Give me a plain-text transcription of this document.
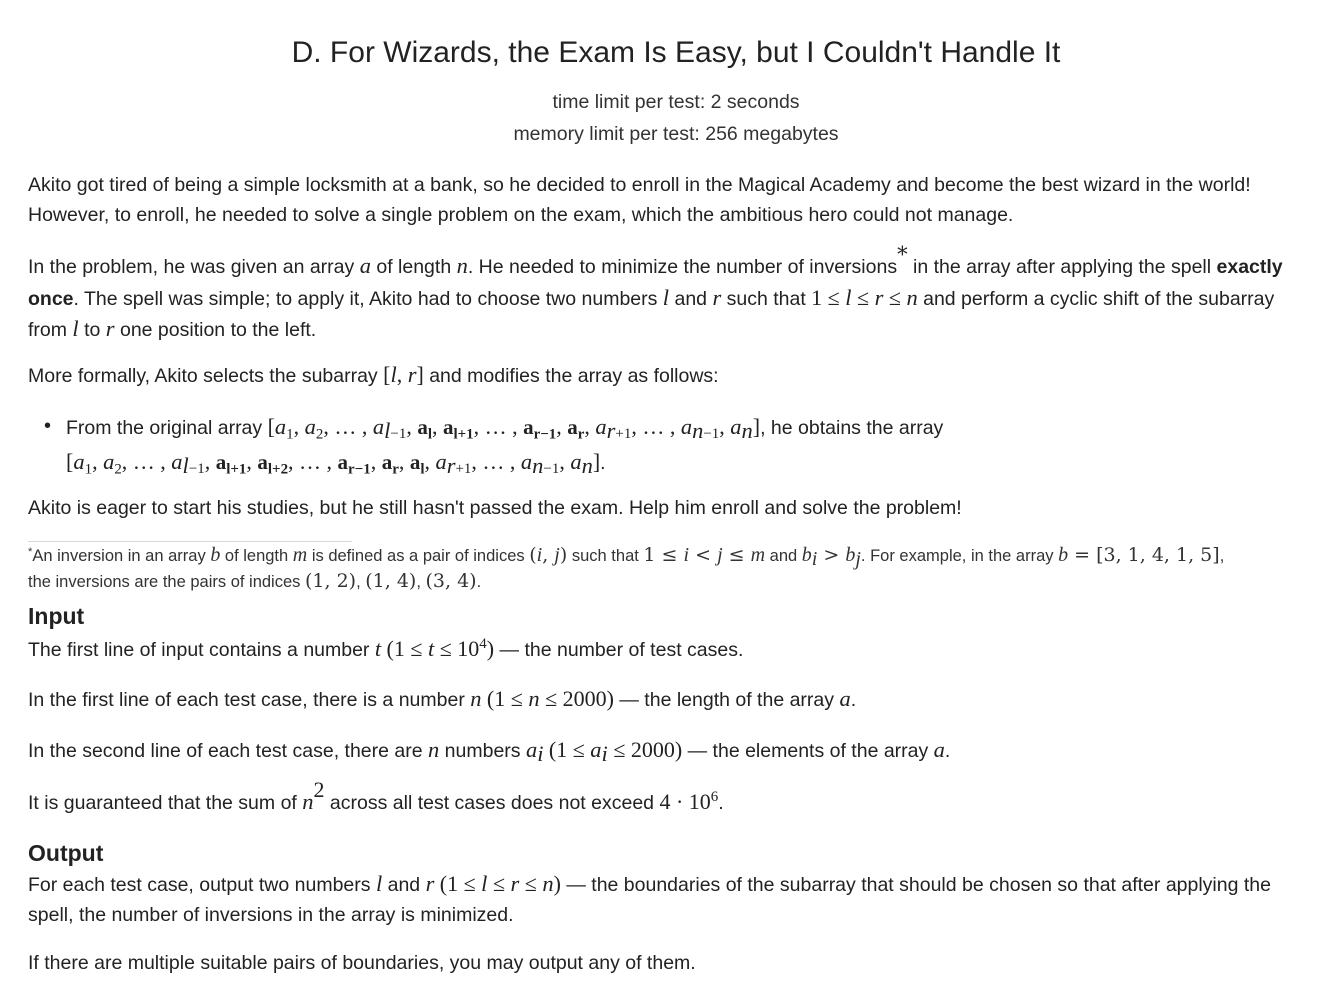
D. For Wizards, the Exam Is Easy, but I Couldn't Handle It
time limit per test: 2 seconds
memory limit per test: 256 megabytes

Akito got tired of being a simple locksmith at a bank, so he decided to enroll in the Magical Academy and become the best wizard in the world! However, to enroll, he needed to solve a single problem on the exam, which the ambitious hero could not manage.

In the problem, he was given an array a of length n. He needed to minimize the number of inversions* in the array after applying the spell exactly once. The spell was simple; to apply it, Akito had to choose two numbers l and r such that 1 ≤ l ≤ r ≤ n and perform a cyclic shift of the subarray from l to r one position to the left.

More formally, Akito selects the subarray [l, r] and modifies the array as follows:

• From the original array [$a_1$, $a_2$, … , $a_{l-1}$, $a_l$, $a_{l+1}$, … , $a_{r-1}$, $a_r$, $a_{r+1}$, … , $a_{n-1}$, $a_n$], he obtains the array
[$a_1$, $a_2$, … , $a_{l-1}$, $a_{l+1}$, $a_{l+2}$, … , $a_{r-1}$, $a_r$, $a_l$, $a_{r+1}$, … , $a_{n-1}$, $a_n$].

Akito is eager to start his studies, but he still hasn't passed the exam. Help him enroll and solve the problem!

*An inversion in an array b of length m is defined as a pair of indices (i, j) such that 1 ≤ i < j ≤ m and $b_i > b_j$. For example, in the array b = [3, 1, 4, 1, 5],
the inversions are the pairs of indices (1, 2), (1, 4), (3, 4).
Input

The first line of input contains a number t $(1 \le t \le 10^4)$ — the number of test cases.

In the first line of each test case, there is a number n (1 ≤ n ≤ 2000) — the length of the array a.

In the second line of each test case, there are n numbers $a_i$ $(1 \le a_i \le 2000)$ — the elements of the array a.

It is guaranteed that the sum of $n^2$ across all test cases does not exceed $4 \cdot 10^6$.

Output

For each test case, output two numbers l and r (1 ≤ l ≤ r ≤ n) — the boundaries of the subarray that should be chosen so that after applying the spell, the number of inversions in the array is minimized.

If there are multiple suitable pairs of boundaries, you may output any of them.
